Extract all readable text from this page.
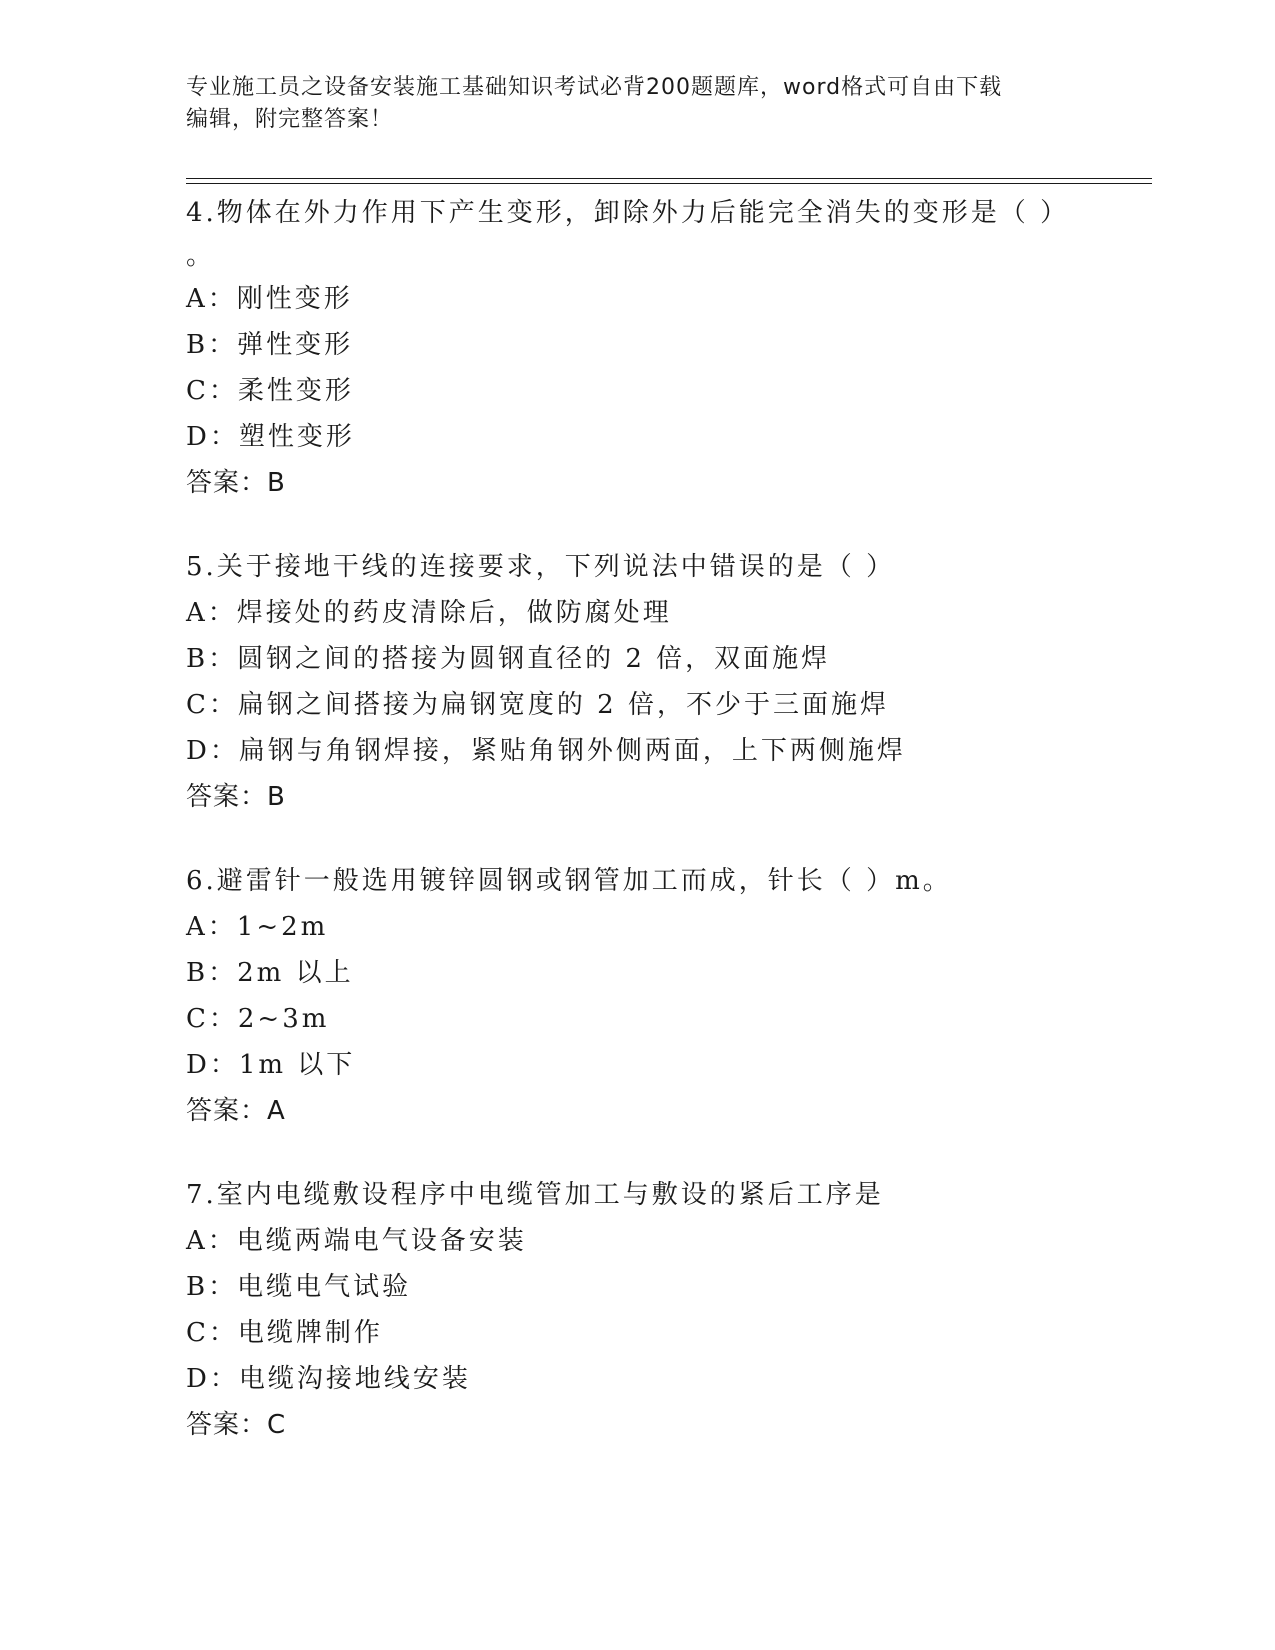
专业施工员之设备安装施工基础知识考试必背200题题库，word格式可自由下载
编辑，附完整答案！
4.物体在外力作用下产生变形，卸除外力后能完全消失的变形是（ ）
。
A：刚性变形
B：弹性变形
C：柔性变形
D：塑性变形
答案：B
5.关于接地干线的连接要求，下列说法中错误的是（ ）
A：焊接处的药皮清除后，做防腐处理
B：圆钢之间的搭接为圆钢直径的 2 倍，双面施焊
C：扁钢之间搭接为扁钢宽度的 2 倍，不少于三面施焊
D：扁钢与角钢焊接，紧贴角钢外侧两面，上下两侧施焊
答案：B
6.避雷针一般选用镀锌圆钢或钢管加工而成，针长（ ）m。
A：1~2m
B：2m 以上
C：2~3m
D：1m 以下
答案：A
7.室内电缆敷设程序中电缆管加工与敷设的紧后工序是
A：电缆两端电气设备安装
B：电缆电气试验
C：电缆牌制作
D：电缆沟接地线安装
答案：C
